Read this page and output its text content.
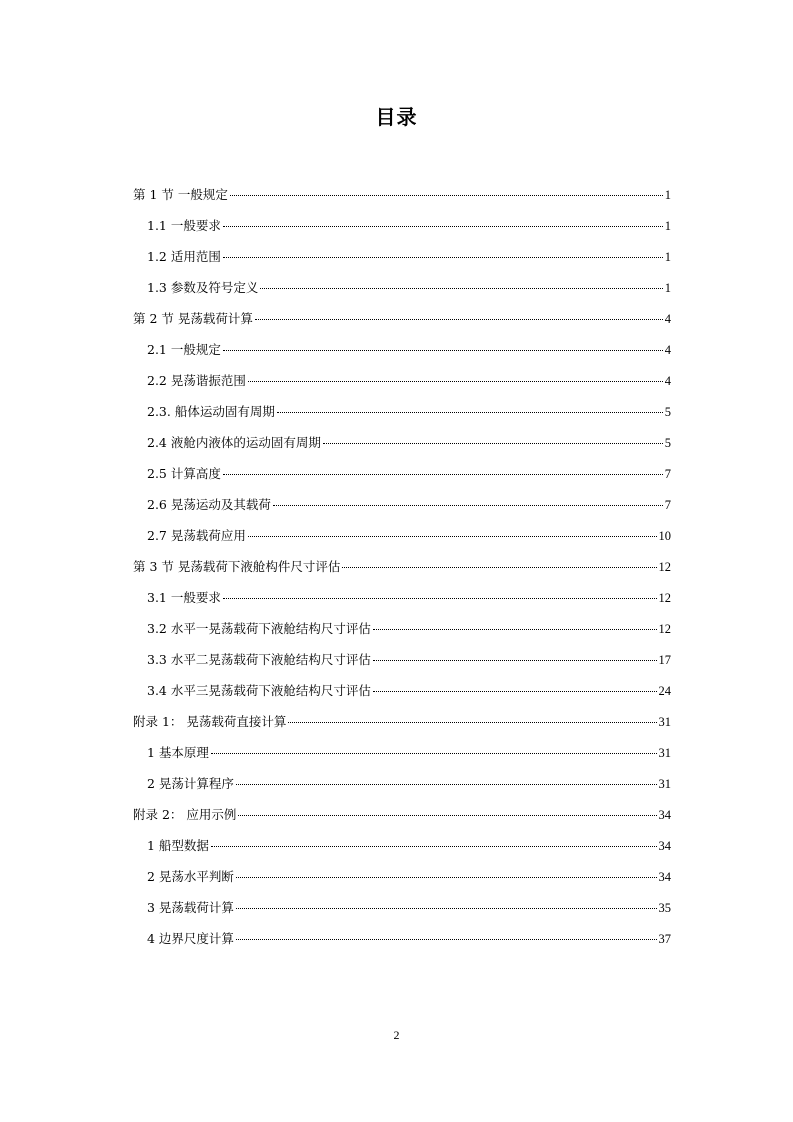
目录
第 1 节 一般规定	1
1.1 一般要求	1
1.2 适用范围	1
1.3 参数及符号定义	1
第 2 节 晃荡载荷计算	4
2.1 一般规定	4
2.2 晃荡谐振范围	4
2.3. 船体运动固有周期	5
2.4 液舱内液体的运动固有周期	5
2.5 计算高度	7
2.6 晃荡运动及其载荷	7
2.7 晃荡载荷应用	10
第 3 节 晃荡载荷下液舱构件尺寸评估	12
3.1 一般要求	12
3.2 水平一晃荡载荷下液舱结构尺寸评估	12
3.3 水平二晃荡载荷下液舱结构尺寸评估	17
3.4 水平三晃荡载荷下液舱结构尺寸评估	24
附录 1： 晃荡载荷直接计算	31
1 基本原理	31
2 晃荡计算程序	31
附录 2： 应用示例	34
1 船型数据	34
2 晃荡水平判断	34
3 晃荡载荷计算	35
4 边界尺度计算	37
2
